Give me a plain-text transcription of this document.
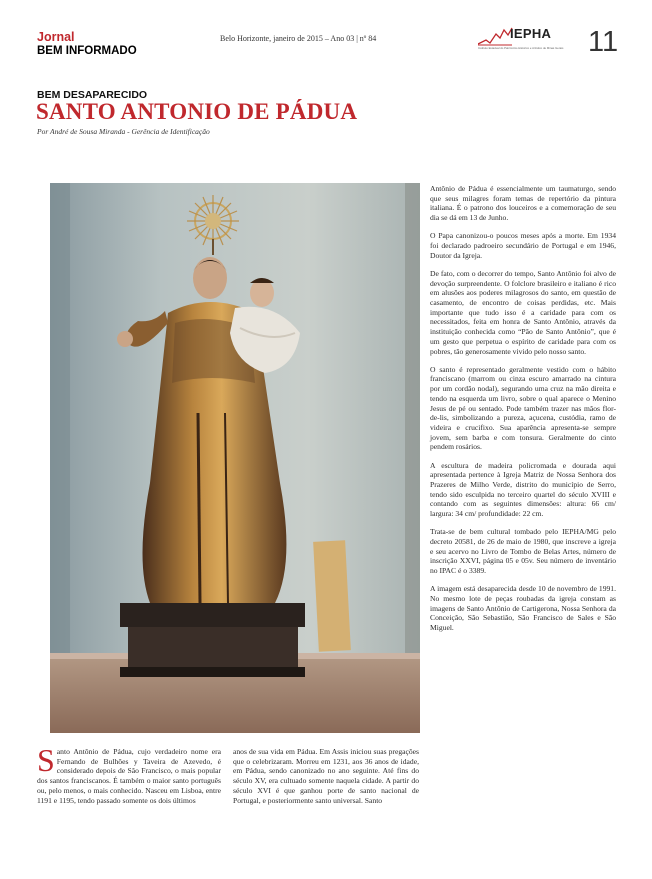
Jornal
BEM INFORMADO
Belo Horizonte, janeiro de 2015 – Ano 03 | nº 84	IEPHA
Instituto Estadual do Patrimônio Histórico e Artístico de Minas Gerais 11
BEM DESAPARECIDO
SANTO ANTONIO DE PÁDUA
Por André de Sousa Miranda - Gerência de Identificação

Antônio de Pádua é essencialmente um taumaturgo, sendo que seus milagres foram temas de repertório da pintura italiana. É o patrono dos louceiros e a comemoração de seu dia se dá em 13 de Junho.

O Papa canonizou-o poucos meses após a morte. Em 1934 foi declarado padroeiro secundário de Portugal e em 1946, Doutor da Igreja.

De fato, com o decorrer do tempo, Santo Antônio foi alvo de devoção surpreendente. O folclore brasileiro e italiano é rico em alusões aos poderes milagrosos do santo, em questão de casamento, de encontro de coisas perdidas, etc. Mais importante que tudo isso é a caridade para com os necessitados, feita em honra de Santo Antônio, através da instituição conhecida como “Pão de Santo Antônio”, que é um gesto que perpetua o espírito de caridade para com os pobres, tão generosamente vivido pelo nosso santo.

O santo é representado geralmente vestido com o hábito franciscano (marrom ou cinza escuro amarrado na cintura por um cordão nodal), segurando uma cruz na mão direita e tendo na esquerda um livro, sobre o qual aparece o Menino Jesus de pé ou sentado. Pode também trazer nas mãos flor-de-lis, simbolizando a pureza, açucena, custódia, ramo de videira e crucifixo. Sua aparência apresenta-se sempre jovem, sem barba e com tonsura. Geralmente do cinto pendem rosários.

A escultura de madeira policromada e dourada aqui apresentada pertence à Igreja Matriz de Nossa Senhora dos Prazeres de Milho Verde, distrito do município de Serro, tendo sido esculpida no terceiro quartel do século XVIII e contando com as seguintes dimensões: altura: 66 cm/ largura: 34 cm/ profundidade: 22 cm.

Trata-se de bem cultural tombado pelo IEPHA/MG pelo decreto 20581, de 26 de maio de 1980, que inscreve a igreja e seu acervo no Livro de Tombo de Belas Artes, número de inscrição XXVI, página 05 e 05v. Seu número de inventário no IPAC é o 3389.

A imagem está desaparecida desde 10 de novembro de 1991. No mesmo lote de peças roubadas da igreja constam as imagens de Santo Antônio de Cartigerona, Nossa Senhora da Conceição, São Sebastião, São Francisco de Sales e São Miguel.

Santo Antônio de Pádua, cujo verdadeiro nome era Fernando de Bulhões y Taveira de Azevedo, é considerado depois de São Francisco, o mais popular dos santos franciscanos. É também o maior santo português ou, pelo menos, o mais conhecido. Nasceu em Lisboa, entre 1191 e 1195, tendo passado somente os dois últimos

anos de sua vida em Pádua. Em Assis iniciou suas pregações que o celebrizaram. Morreu em 1231, aos 36 anos de idade, em Pádua, sendo canonizado no ano seguinte. Até fins do século XV, era cultuado somente naquela cidade. A partir do século XVI é que ganhou porte de santo nacional de Portugal, e posteriormente santo universal. Santo
